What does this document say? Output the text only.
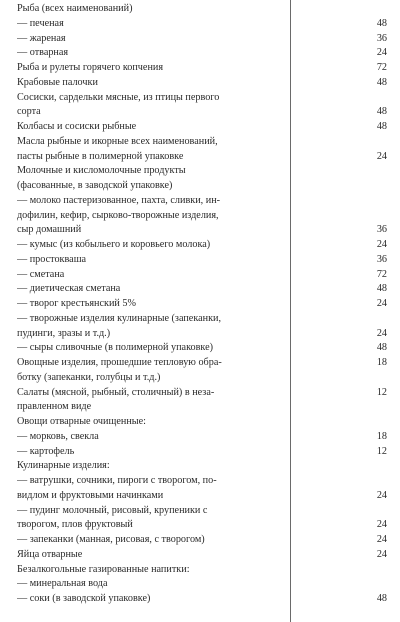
Рыба (всех наименований)
— печеная	48
— жареная	36
— отварная	24
Рыба и рулеты горячего копчения	72
Крабовые палочки	48
Сосиски, сардельки мясные, из птицы первого
сорта	48
Колбасы и сосиски рыбные	48
Масла рыбные и икорные всех наименований,
пасты рыбные в полимерной упаковке	24
Молочные и кисломолочные продукты
(фасованные, в заводской упаковке)
— молоко пастеризованное, пахта, сливки, ин-
дофилин, кефир, сырково-творожные изделия,
сыр домашний	36
— кумыс (из кобыльего и коровьего молока)	24
— простокваша	36
— сметана	72
— диетическая сметана	48
— творог крестьянский 5%	24
— творожные изделия кулинарные (запеканки,
пудинги, зразы и т.д.)	24
— сыры сливочные (в полимерной упаковке)	48
Овощные изделия, прошедшие тепловую обра-	18
ботку (запеканки, голубцы и т.д.)
Салаты (мясной, рыбный, столичный) в неза-	12
правленном виде
Овощи отварные очищенные:
— морковь, свекла	18
— картофель	12
Кулинарные изделия:
— ватрушки, сочники, пироги с творогом, по-
видлом и фруктовыми начинками	24
— пудинг молочный, рисовый, крупеники с
творогом, плов фруктовый	24
— запеканки (манная, рисовая, с творогом)	24
Яйца отварные	24
Безалкогольные газированные напитки:
— минеральная вода
— соки (в заводской упаковке)	48
